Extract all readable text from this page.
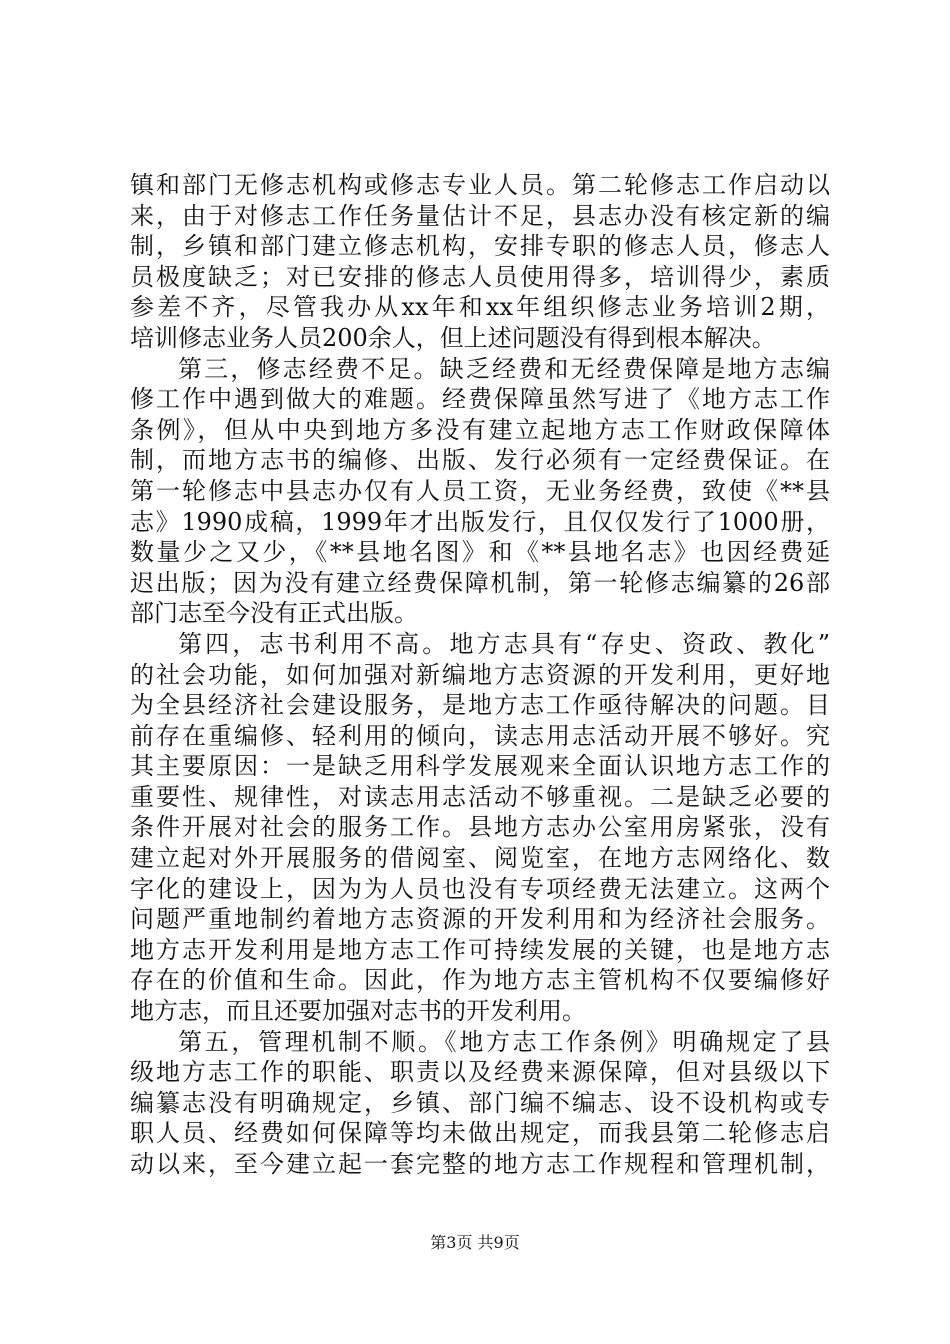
镇和部门无修志机构或修志专业人员。第二轮修志工作启动以
来，由于对修志工作任务量估计不足，县志办没有核定新的编
制，乡镇和部门建立修志机构，安排专职的修志人员，修志人
员极度缺乏；对已安排的修志人员使用得多，培训得少，素质
参差不齐，尽管我办从xx年和xx年组织修志业务培训2期，
培训修志业务人员200余人，但上述问题没有得到根本解决。
第三，修志经费不足。缺乏经费和无经费保障是地方志编
修工作中遇到做大的难题。经费保障虽然写进了《地方志工作
条例》，但从中央到地方多没有建立起地方志工作财政保障体
制，而地方志书的编修、出版、发行必须有一定经费保证。在
第一轮修志中县志办仅有人员工资，无业务经费，致使《**县
志》1990成稿，1999年才出版发行，且仅仅发行了1000册，
数量少之又少，《**县地名图》和《**县地名志》也因经费延
迟出版；因为没有建立经费保障机制，第一轮修志编纂的26部
部门志至今没有正式出版。
第四，志书利用不高。地方志具有“存史、资政、教化”
的社会功能，如何加强对新编地方志资源的开发利用，更好地
为全县经济社会建设服务，是地方志工作亟待解决的问题。目
前存在重编修、轻利用的倾向，读志用志活动开展不够好。究
其主要原因：一是缺乏用科学发展观来全面认识地方志工作的
重要性、规律性，对读志用志活动不够重视。二是缺乏必要的
条件开展对社会的服务工作。县地方志办公室用房紧张，没有
建立起对外开展服务的借阅室、阅览室，在地方志网络化、数
字化的建设上，因为为人员也没有专项经费无法建立。这两个
问题严重地制约着地方志资源的开发利用和为经济社会服务。
地方志开发利用是地方志工作可持续发展的关键，也是地方志
存在的价值和生命。因此，作为地方志主管机构不仅要编修好
地方志，而且还要加强对志书的开发利用。
第五，管理机制不顺。《地方志工作条例》明确规定了县
级地方志工作的职能、职责以及经费来源保障，但对县级以下
编纂志没有明确规定，乡镇、部门编不编志、设不设机构或专
职人员、经费如何保障等均未做出规定，而我县第二轮修志启
动以来，至今建立起一套完整的地方志工作规程和管理机制，
第3页 共9页
